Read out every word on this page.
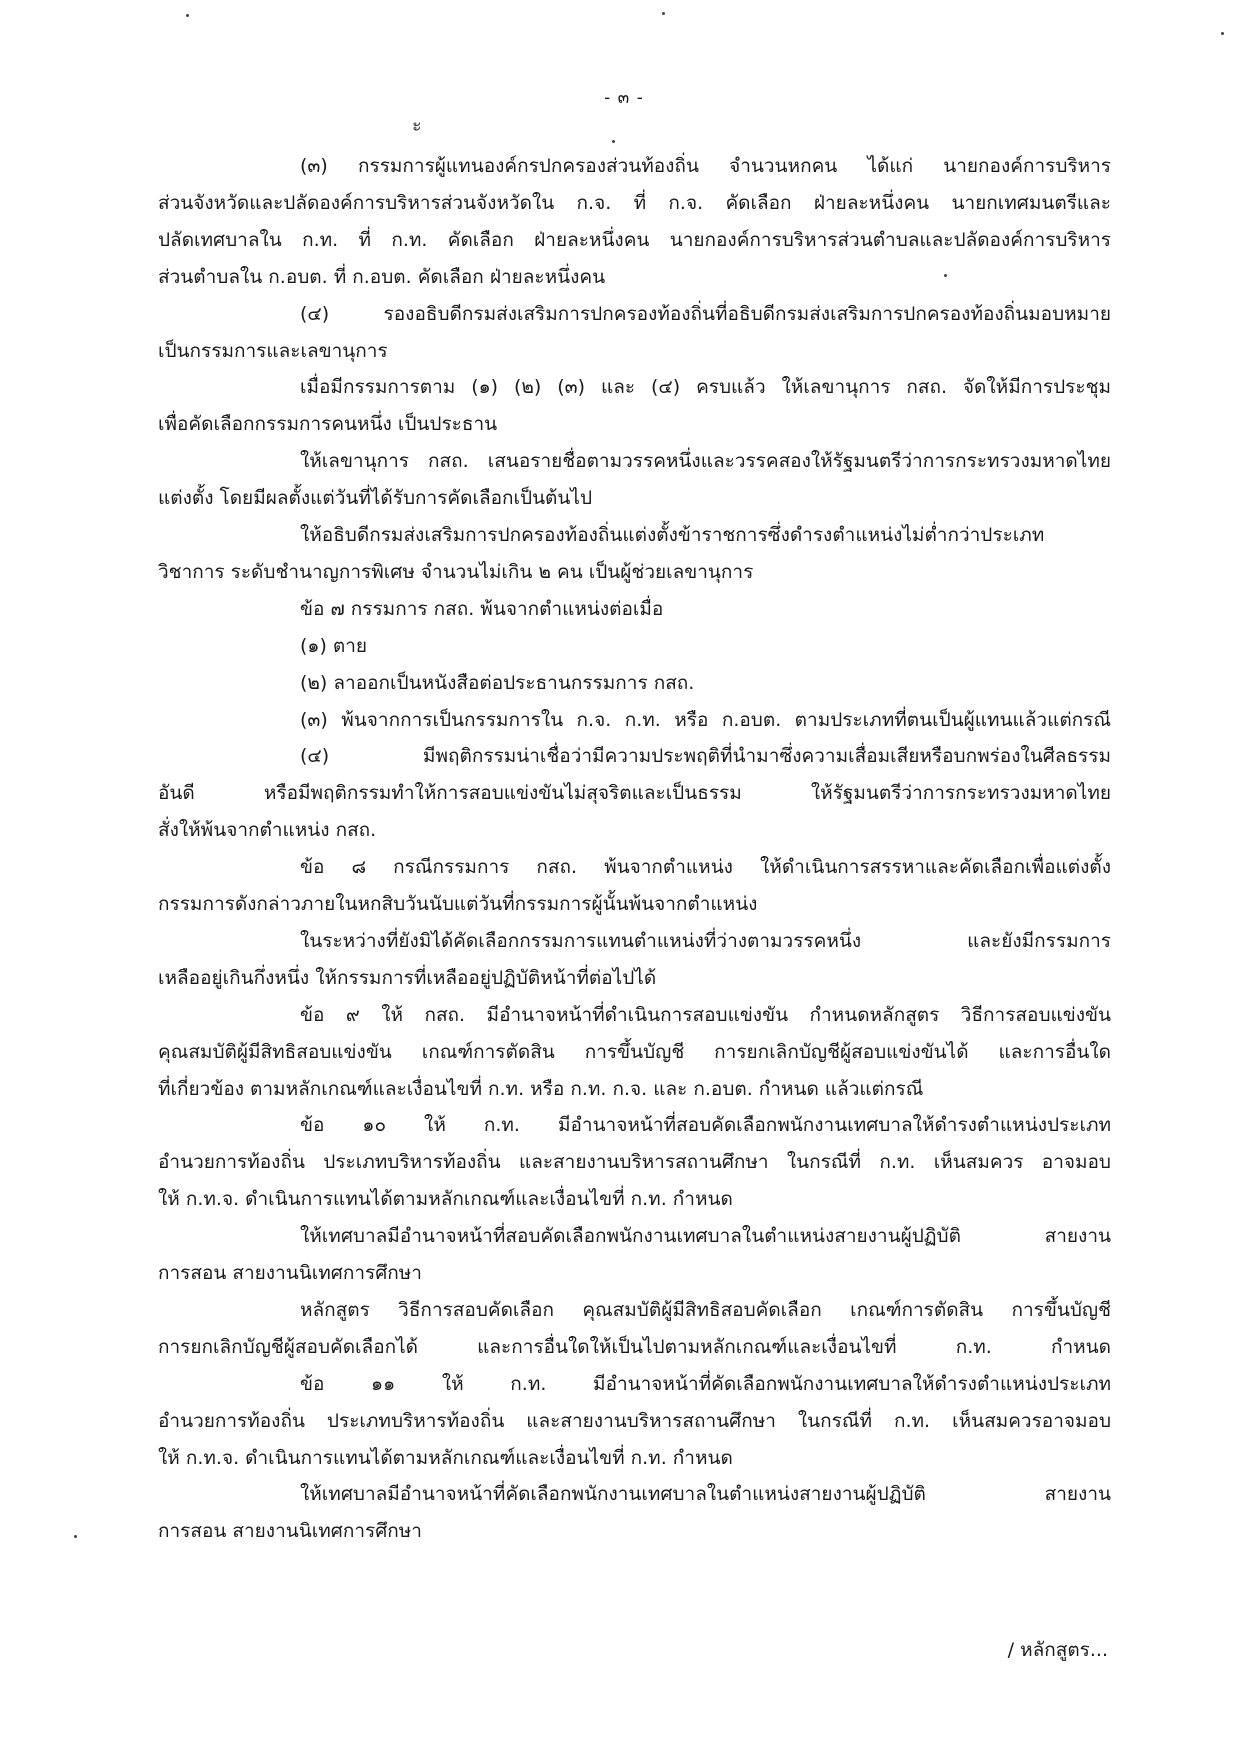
- ๓ -
ะ
(๓) กรรมการผู้แทนองค์กรปกครองส่วนท้องถิ่น จำนวนหกคน ได้แก่ นายกองค์การบริหาร
ส่วนจังหวัดและปลัดองค์การบริหารส่วนจังหวัดใน ก.จ. ที่ ก.จ. คัดเลือก ฝ่ายละหนึ่งคน นายกเทศมนตรีและ
ปลัดเทศบาลใน ก.ท. ที่ ก.ท. คัดเลือก ฝ่ายละหนึ่งคน นายกองค์การบริหารส่วนตำบลและปลัดองค์การบริหาร
ส่วนตำบลใน ก.อบต. ที่ ก.อบต. คัดเลือก ฝ่ายละหนึ่งคน
(๔) รองอธิบดีกรมส่งเสริมการปกครองท้องถิ่นที่อธิบดีกรมส่งเสริมการปกครองท้องถิ่นมอบหมาย
เป็นกรรมการและเลขานุการ
เมื่อมีกรรมการตาม (๑) (๒) (๓) และ (๔) ครบแล้ว ให้เลขานุการ กสถ. จัดให้มีการประชุม
เพื่อคัดเลือกกรรมการคนหนึ่ง เป็นประธาน
ให้เลขานุการ กสถ. เสนอรายชื่อตามวรรคหนึ่งและวรรคสองให้รัฐมนตรีว่าการกระทรวงมหาดไทย
แต่งตั้ง โดยมีผลตั้งแต่วันที่ได้รับการคัดเลือกเป็นต้นไป
ให้อธิบดีกรมส่งเสริมการปกครองท้องถิ่นแต่งตั้งข้าราชการซึ่งดำรงตำแหน่งไม่ต่ำกว่าประเภท
วิชาการ ระดับชำนาญการพิเศษ จำนวนไม่เกิน ๒ คน เป็นผู้ช่วยเลขานุการ
ข้อ ๗ กรรมการ กสถ. พ้นจากตำแหน่งต่อเมื่อ
(๑) ตาย
(๒) ลาออกเป็นหนังสือต่อประธานกรรมการ กสถ.
(๓) พ้นจากการเป็นกรรมการใน ก.จ. ก.ท. หรือ ก.อบต. ตามประเภทที่ตนเป็นผู้แทนแล้วแต่กรณี
(๔) มีพฤติกรรมน่าเชื่อว่ามีความประพฤติที่นำมาซึ่งความเสื่อมเสียหรือบกพร่องในศีลธรรม
อันดี หรือมีพฤติกรรมทำให้การสอบแข่งขันไม่สุจริตและเป็นธรรม ให้รัฐมนตรีว่าการกระทรวงมหาดไทย
สั่งให้พ้นจากตำแหน่ง กสถ.
ข้อ ๘ กรณีกรรมการ กสถ. พ้นจากตำแหน่ง ให้ดำเนินการสรรหาและคัดเลือกเพื่อแต่งตั้ง
กรรมการดังกล่าวภายในหกสิบวันนับแต่วันที่กรรมการผู้นั้นพ้นจากตำแหน่ง
ในระหว่างที่ยังมิได้คัดเลือกกรรมการแทนตำแหน่งที่ว่างตามวรรคหนึ่ง และยังมีกรรมการ
เหลืออยู่เกินกึ่งหนึ่ง ให้กรรมการที่เหลืออยู่ปฏิบัติหน้าที่ต่อไปได้
ข้อ ๙ ให้ กสถ. มีอำนาจหน้าที่ดำเนินการสอบแข่งขัน กำหนดหลักสูตร วิธีการสอบแข่งขัน
คุณสมบัติผู้มีสิทธิสอบแข่งขัน เกณฑ์การตัดสิน การขึ้นบัญชี การยกเลิกบัญชีผู้สอบแข่งขันได้ และการอื่นใด
ที่เกี่ยวข้อง ตามหลักเกณฑ์และเงื่อนไขที่ ก.ท. หรือ ก.ท. ก.จ. และ ก.อบต. กำหนด แล้วแต่กรณี
ข้อ ๑๐ ให้ ก.ท. มีอำนาจหน้าที่สอบคัดเลือกพนักงานเทศบาลให้ดำรงตำแหน่งประเภท
อำนวยการท้องถิ่น ประเภทบริหารท้องถิ่น และสายงานบริหารสถานศึกษา ในกรณีที่ ก.ท. เห็นสมควร อาจมอบ
ให้ ก.ท.จ. ดำเนินการแทนได้ตามหลักเกณฑ์และเงื่อนไขที่ ก.ท. กำหนด
ให้เทศบาลมีอำนาจหน้าที่สอบคัดเลือกพนักงานเทศบาลในตำแหน่งสายงานผู้ปฏิบัติ สายงาน
การสอน สายงานนิเทศการศึกษา
หลักสูตร วิธีการสอบคัดเลือก คุณสมบัติผู้มีสิทธิสอบคัดเลือก เกณฑ์การตัดสิน การขึ้นบัญชี
การยกเลิกบัญชีผู้สอบคัดเลือกได้ และการอื่นใดให้เป็นไปตามหลักเกณฑ์และเงื่อนไขที่ ก.ท. กำหนด
ข้อ ๑๑ ให้ ก.ท. มีอำนาจหน้าที่คัดเลือกพนักงานเทศบาลให้ดำรงตำแหน่งประเภท
อำนวยการท้องถิ่น ประเภทบริหารท้องถิ่น และสายงานบริหารสถานศึกษา ในกรณีที่ ก.ท. เห็นสมควรอาจมอบ
ให้ ก.ท.จ. ดำเนินการแทนได้ตามหลักเกณฑ์และเงื่อนไขที่ ก.ท. กำหนด
ให้เทศบาลมีอำนาจหน้าที่คัดเลือกพนักงานเทศบาลในตำแหน่งสายงานผู้ปฏิบัติ สายงาน
การสอน สายงานนิเทศการศึกษา
/ หลักสูตร...
